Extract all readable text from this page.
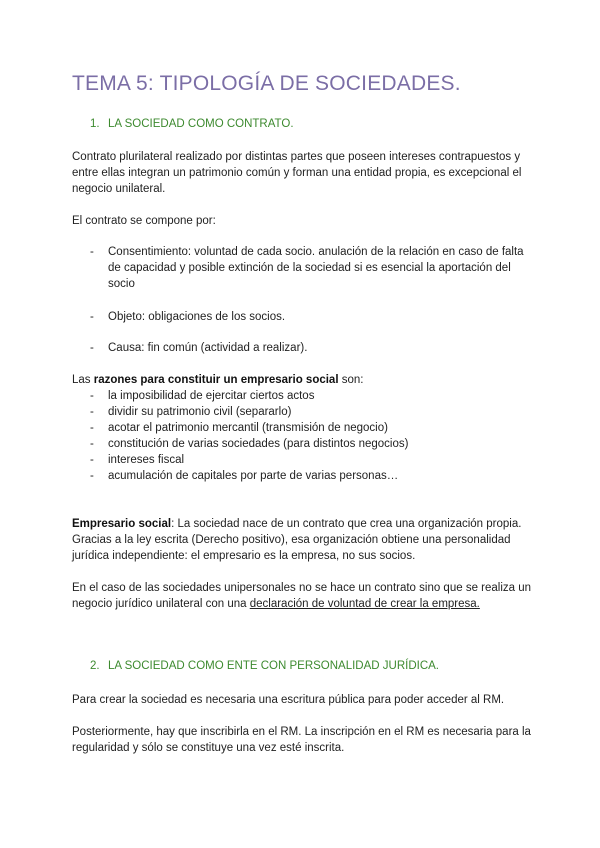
TEMA 5: TIPOLOGÍA DE SOCIEDADES.
1. LA SOCIEDAD COMO CONTRATO.
Contrato plurilateral realizado por distintas partes que poseen intereses contrapuestos y entre ellas integran un patrimonio común y forman una entidad propia, es excepcional el negocio unilateral.
El contrato se compone por:
- Consentimiento: voluntad de cada socio. anulación de la relación en caso de falta de capacidad y posible extinción de la sociedad si es esencial la aportación del socio
- Objeto: obligaciones de los socios.
- Causa: fin común (actividad a realizar).
Las razones para constituir un empresario social son:
- la imposibilidad de ejercitar ciertos actos
- dividir su patrimonio civil (separarlo)
- acotar el patrimonio mercantil (transmisión de negocio)
- constitución de varias sociedades (para distintos negocios)
- intereses fiscal
- acumulación de capitales por parte de varias personas…
Empresario social: La sociedad nace de un contrato que crea una organización propia. Gracias a la ley escrita (Derecho positivo), esa organización obtiene una personalidad jurídica independiente: el empresario es la empresa, no sus socios.
En el caso de las sociedades unipersonales no se hace un contrato sino que se realiza un negocio jurídico unilateral con una declaración de voluntad de crear la empresa.
2. LA SOCIEDAD COMO ENTE CON PERSONALIDAD JURÍDICA.
Para crear la sociedad es necesaria una escritura pública para poder acceder al RM.
Posteriormente, hay que inscribirla en el RM. La inscripción en el RM es necesaria para la regularidad y sólo se constituye una vez esté inscrita.
